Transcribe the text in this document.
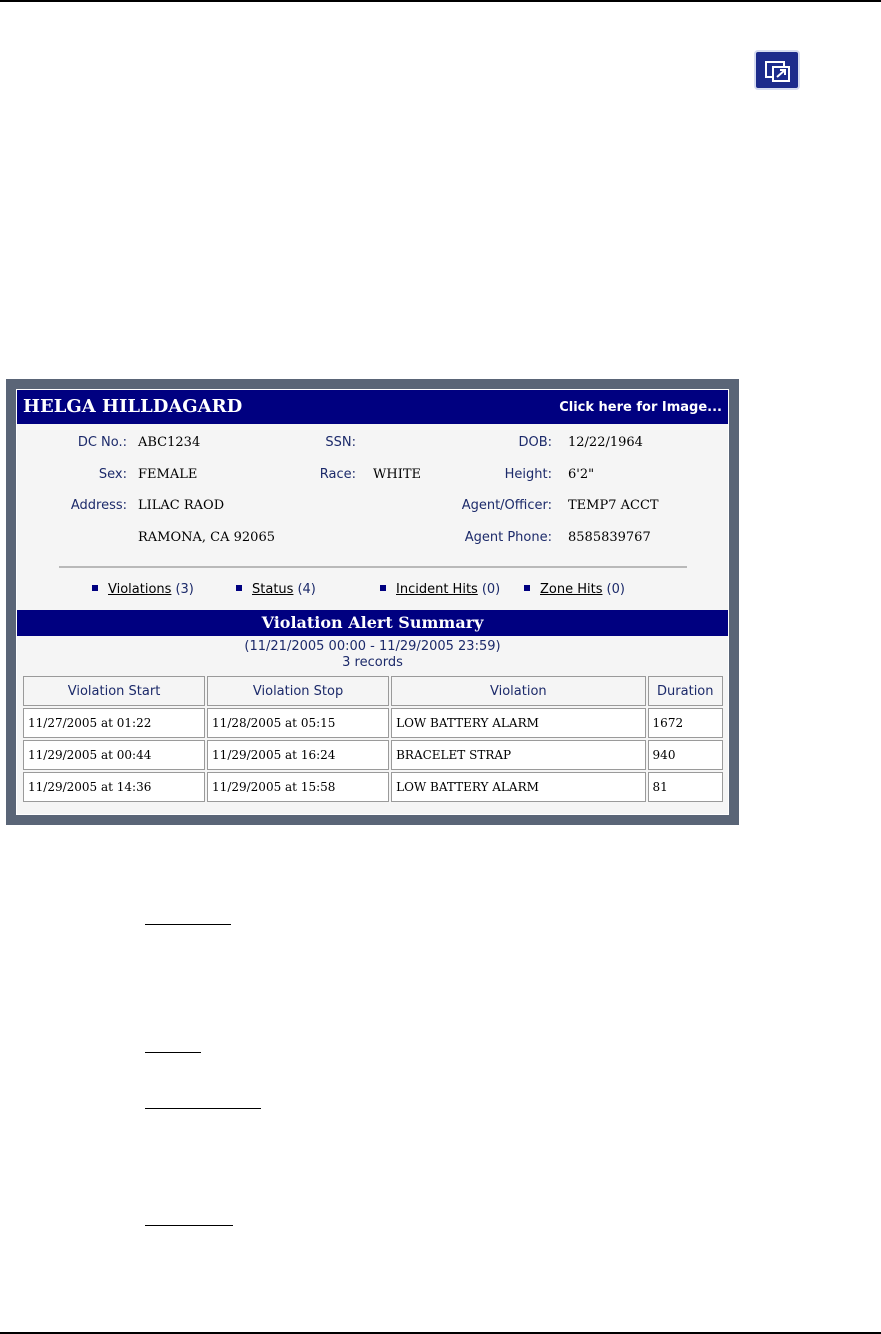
HELGA HILLDAGARD	Click here for Image...
DC No.: ABC1234	SSN:	DOB: 12/22/1964
Sex: FEMALE	Race: WHITE	Height: 6'2"
Address: LILAC RAOD	Agent/Officer: TEMP7 ACCT
RAMONA, CA 92065	Agent Phone: 8585839767
Violations (3)	Status (4)	Incident Hits (0)	Zone Hits (0)
Violation Alert Summary
(11/21/2005 00:00 - 11/29/2005 23:59)
3 records
Violation Start	Violation Stop	Violation	Duration
11/27/2005 at 01:22	11/28/2005 at 05:15	LOW BATTERY ALARM	1672
11/29/2005 at 00:44	11/29/2005 at 16:24	BRACELET STRAP	940
11/29/2005 at 14:36	11/29/2005 at 15:58	LOW BATTERY ALARM	81
